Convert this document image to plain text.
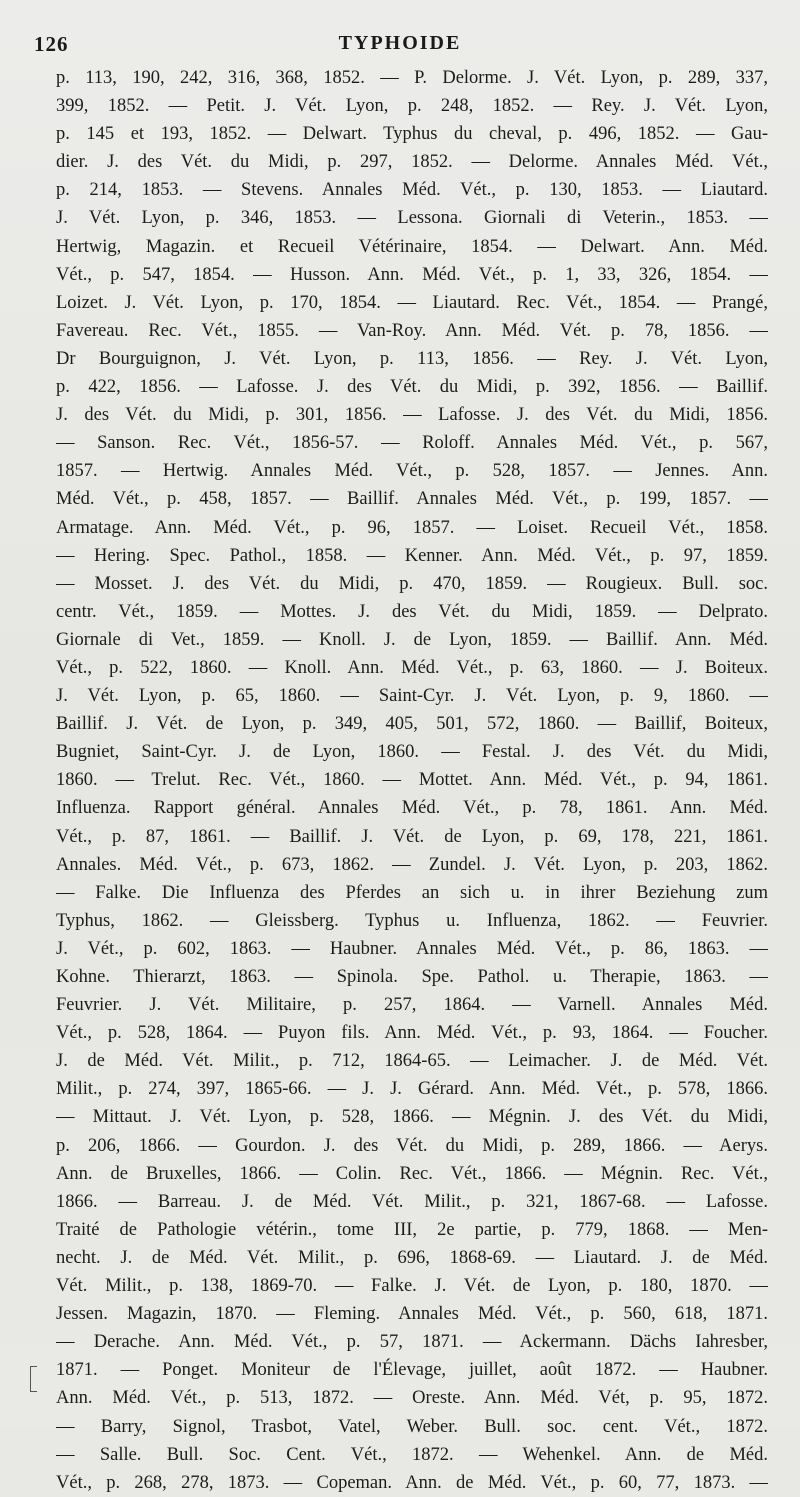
126	TYPHOIDE
p. 113, 190, 242, 316, 368, 1852. — P. Delorme. J. Vét. Lyon, p. 289, 337,
399, 1852. — Petit. J. Vét. Lyon, p. 248, 1852. — Rey. J. Vét. Lyon,
p. 145 et 193, 1852. — Delwart. Typhus du cheval, p. 496, 1852. — Gau-
dier. J. des Vét. du Midi, p. 297, 1852. — Delorme. Annales Méd. Vét.,
p. 214, 1853. — Stevens. Annales Méd. Vét., p. 130, 1853. — Liautard.
J. Vét. Lyon, p. 346, 1853. — Lessona. Giornali di Veterin., 1853. —
Hertwig, Magazin. et Recueil Vétérinaire, 1854. — Delwart. Ann. Méd.
Vét., p. 547, 1854. — Husson. Ann. Méd. Vét., p. 1, 33, 326, 1854. —
Loizet. J. Vét. Lyon, p. 170, 1854. — Liautard. Rec. Vét., 1854. — Prangé,
Favereau. Rec. Vét., 1855. — Van-Roy. Ann. Méd. Vét. p. 78, 1856. —
Dr Bourguignon, J. Vét. Lyon, p. 113, 1856. — Rey. J. Vét. Lyon,
p. 422, 1856. — Lafosse. J. des Vét. du Midi, p. 392, 1856. — Baillif.
J. des Vét. du Midi, p. 301, 1856. — Lafosse. J. des Vét. du Midi, 1856.
— Sanson. Rec. Vét., 1856-57. — Roloff. Annales Méd. Vét., p. 567,
1857. — Hertwig. Annales Méd. Vét., p. 528, 1857. — Jennes. Ann.
Méd. Vét., p. 458, 1857. — Baillif. Annales Méd. Vét., p. 199, 1857. —
Armatage. Ann. Méd. Vét., p. 96, 1857. — Loiset. Recueil Vét., 1858.
— Hering. Spec. Pathol., 1858. — Kenner. Ann. Méd. Vét., p. 97, 1859.
— Mosset. J. des Vét. du Midi, p. 470, 1859. — Rougieux. Bull. soc.
centr. Vét., 1859. — Mottes. J. des Vét. du Midi, 1859. — Delprato.
Giornale di Vet., 1859. — Knoll. J. de Lyon, 1859. — Baillif. Ann. Méd.
Vét., p. 522, 1860. — Knoll. Ann. Méd. Vét., p. 63, 1860. — J. Boiteux.
J. Vét. Lyon, p. 65, 1860. — Saint-Cyr. J. Vét. Lyon, p. 9, 1860. —
Baillif. J. Vét. de Lyon, p. 349, 405, 501, 572, 1860. — Baillif, Boiteux,
Bugniet, Saint-Cyr. J. de Lyon, 1860. — Festal. J. des Vét. du Midi,
1860. — Trelut. Rec. Vét., 1860. — Mottet. Ann. Méd. Vét., p. 94, 1861.
Influenza. Rapport général. Annales Méd. Vét., p. 78, 1861. Ann. Méd.
Vét., p. 87, 1861. — Baillif. J. Vét. de Lyon, p. 69, 178, 221, 1861.
Annales. Méd. Vét., p. 673, 1862. — Zundel. J. Vét. Lyon, p. 203, 1862.
— Falke. Die Influenza des Pferdes an sich u. in ihrer Beziehung zum
Typhus, 1862. — Gleissberg. Typhus u. Influenza, 1862. — Feuvrier.
J. Vét., p. 602, 1863. — Haubner. Annales Méd. Vét., p. 86, 1863. —
Kohne. Thierarzt, 1863. — Spinola. Spe. Pathol. u. Therapie, 1863. —
Feuvrier. J. Vét. Militaire, p. 257, 1864. — Varnell. Annales Méd.
Vét., p. 528, 1864. — Puyon fils. Ann. Méd. Vét., p. 93, 1864. — Foucher.
J. de Méd. Vét. Milit., p. 712, 1864-65. — Leimacher. J. de Méd. Vét.
Milit., p. 274, 397, 1865-66. — J. J. Gérard. Ann. Méd. Vét., p. 578, 1866.
— Mittaut. J. Vét. Lyon, p. 528, 1866. — Mégnin. J. des Vét. du Midi,
p. 206, 1866. — Gourdon. J. des Vét. du Midi, p. 289, 1866. — Aerys.
Ann. de Bruxelles, 1866. — Colin. Rec. Vét., 1866. — Mégnin. Rec. Vét.,
1866. — Barreau. J. de Méd. Vét. Milit., p. 321, 1867-68. — Lafosse.
Traité de Pathologie vétérin., tome III, 2e partie, p. 779, 1868. — Men-
necht. J. de Méd. Vét. Milit., p. 696, 1868-69. — Liautard. J. de Méd.
Vét. Milit., p. 138, 1869-70. — Falke. J. Vét. de Lyon, p. 180, 1870. —
Jessen. Magazin, 1870. — Fleming. Annales Méd. Vét., p. 560, 618, 1871.
— Derache. Ann. Méd. Vét., p. 57, 1871. — Ackermann. Dächs Iahresber,
1871. — Ponget. Moniteur de l'Élevage, juillet, août 1872. — Haubner.
Ann. Méd. Vét., p. 513, 1872. — Oreste. Ann. Méd. Vét, p. 95, 1872.
— Barry, Signol, Trasbot, Vatel, Weber. Bull. soc. cent. Vét., 1872.
— Salle. Bull. Soc. Cent. Vét., 1872. — Wehenkel. Ann. de Méd.
Vét., p. 268, 278, 1873. — Copeman. Ann. de Méd. Vét., p. 60, 77, 1873. —
